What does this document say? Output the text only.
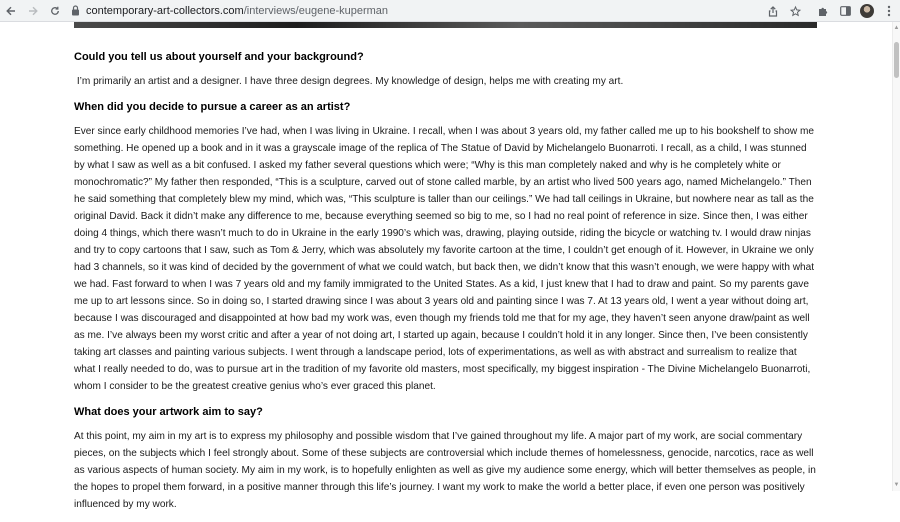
contemporary-art-collectors.com /interviews/eugene-kuperman

Could you tell us about yourself and your background?

I’m primarily an artist and a designer. I have three design degrees. My knowledge of design, helps me with creating my art.

When did you decide to pursue a career as an artist?

Ever since early childhood memories I’ve had, when I was living in Ukraine. I recall, when I was about 3 years old, my father called me up to his bookshelf to show me something. He opened up a book and in it was a grayscale image of the replica of The Statue of David by Michelangelo Buonarroti. I recall, as a child, I was stunned by what I saw as well as a bit confused. I asked my father several questions which were; “Why is this man completely naked and why is he completely white or monochromatic?” My father then responded, “This is a sculpture, carved out of stone called marble, by an artist who lived 500 years ago, named Michelangelo.” Then he said something that completely blew my mind, which was, “This sculpture is taller than our ceilings.” We had tall ceilings in Ukraine, but nowhere near as tall as the original David. Back it didn’t make any difference to me, because everything seemed so big to me, so I had no real point of reference in size. Since then, I was either doing 4 things, which there wasn’t much to do in Ukraine in the early 1990’s which was, drawing, playing outside, riding the bicycle or watching tv. I would draw ninjas and try to copy cartoons that I saw, such as Tom & Jerry, which was absolutely my favorite cartoon at the time, I couldn’t get enough of it. However, in Ukraine we only had 3 channels, so it was kind of decided by the government of what we could watch, but back then, we didn’t know that this wasn’t enough, we were happy with what we had. Fast forward to when I was 7 years old and my family immigrated to the United States. As a kid, I just knew that I had to draw and paint. So my parents gave me up to art lessons since. So in doing so, I started drawing since I was about 3 years old and painting since I was 7. At 13 years old, I went a year without doing art, because I was discouraged and disappointed at how bad my work was, even though my friends told me that for my age, they haven’t seen anyone draw/paint as well as me. I’ve always been my worst critic and after a year of not doing art, I started up again, because I couldn’t hold it in any longer. Since then, I’ve been consistently taking art classes and painting various subjects. I went through a landscape period, lots of experimentations, as well as with abstract and surrealism to realize that what I really needed to do, was to pursue art in the tradition of my favorite old masters, most specifically, my biggest inspiration - The Divine Michelangelo Buonarroti, whom I consider to be the greatest creative genius who’s ever graced this planet.

What does your artwork aim to say?

At this point, my aim in my art is to express my philosophy and possible wisdom that I’ve gained throughout my life. A major part of my work, are social commentary pieces, on the subjects which I feel strongly about. Some of these subjects are controversial which include themes of homelessness, genocide, narcotics, race as well as various aspects of human society. My aim in my work, is to hopefully enlighten as well as give my audience some energy, which will better themselves as people, in the hopes to propel them forward, in a positive manner through this life’s journey. I want my work to make the world a better place, if even one person was positively influenced by my work.

▲
▼
